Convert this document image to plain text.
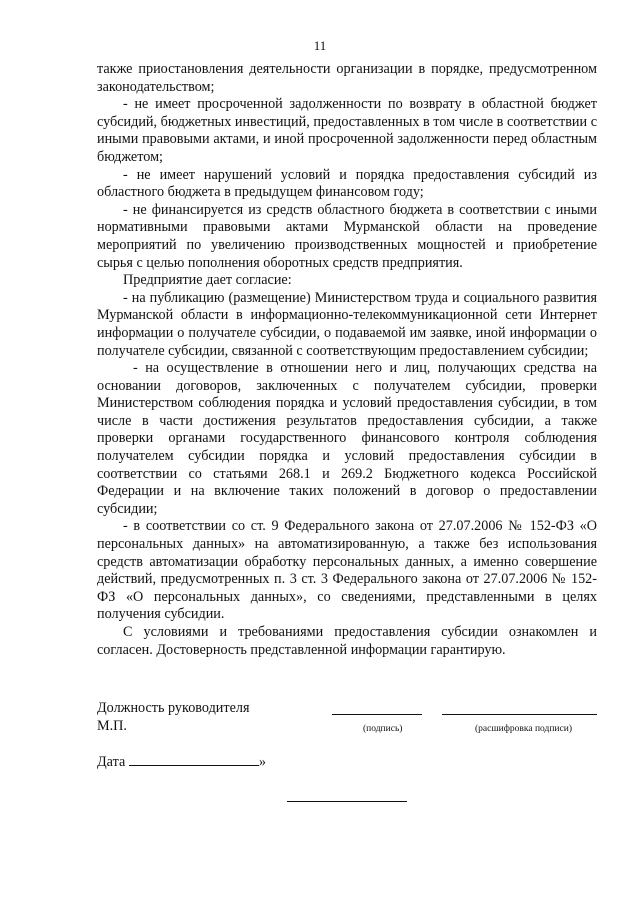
11

также приостановления деятельности организации в порядке, предусмотренном законодательством;

- не имеет просроченной задолженности по возврату в областной бюджет субсидий, бюджетных инвестиций, предоставленных в том числе в соответствии с иными правовыми актами, и иной просроченной задолженности перед областным бюджетом;

- не имеет нарушений условий и порядка предоставления субсидий из областного бюджета в предыдущем финансовом году;

- не финансируется из средств областного бюджета в соответствии с иными нормативными правовыми актами Мурманской области на проведение мероприятий по увеличению производственных мощностей и приобретение сырья с целью пополнения оборотных средств предприятия.

Предприятие дает согласие:

- на публикацию (размещение) Министерством труда и социального развития Мурманской области в информационно-телекоммуникационной сети Интернет информации о получателе субсидии, о подаваемой им заявке, иной информации о получателе субсидии, связанной с соответствующим предоставлением субсидии;

- на осуществление в отношении него и лиц, получающих средства на основании договоров, заключенных с получателем субсидии, проверки Министерством соблюдения порядка и условий предоставления субсидии, в том числе в части достижения результатов предоставления субсидии, а также проверки органами государственного финансового контроля соблюдения получателем субсидии порядка и условий предоставления субсидии в соответствии со статьями 268.1 и 269.2 Бюджетного кодекса Российской Федерации и на включение таких положений в договор о предоставлении субсидии;

- в соответствии со ст. 9 Федерального закона от 27.07.2006 № 152-ФЗ «О персональных данных» на автоматизированную, а также без использования средств автоматизации обработку персональных данных, а именно совершение действий, предусмотренных п. 3 ст. 3 Федерального закона от 27.07.2006 № 152-ФЗ «О персональных данных», со сведениями, представленными в целях получения субсидии.

С условиями и требованиями предоставления субсидии ознакомлен и согласен. Достоверность представленной информации гарантирую.

Должность руководителя
М.П.	(подпись)	(расшифровка подписи)
Дата	»
